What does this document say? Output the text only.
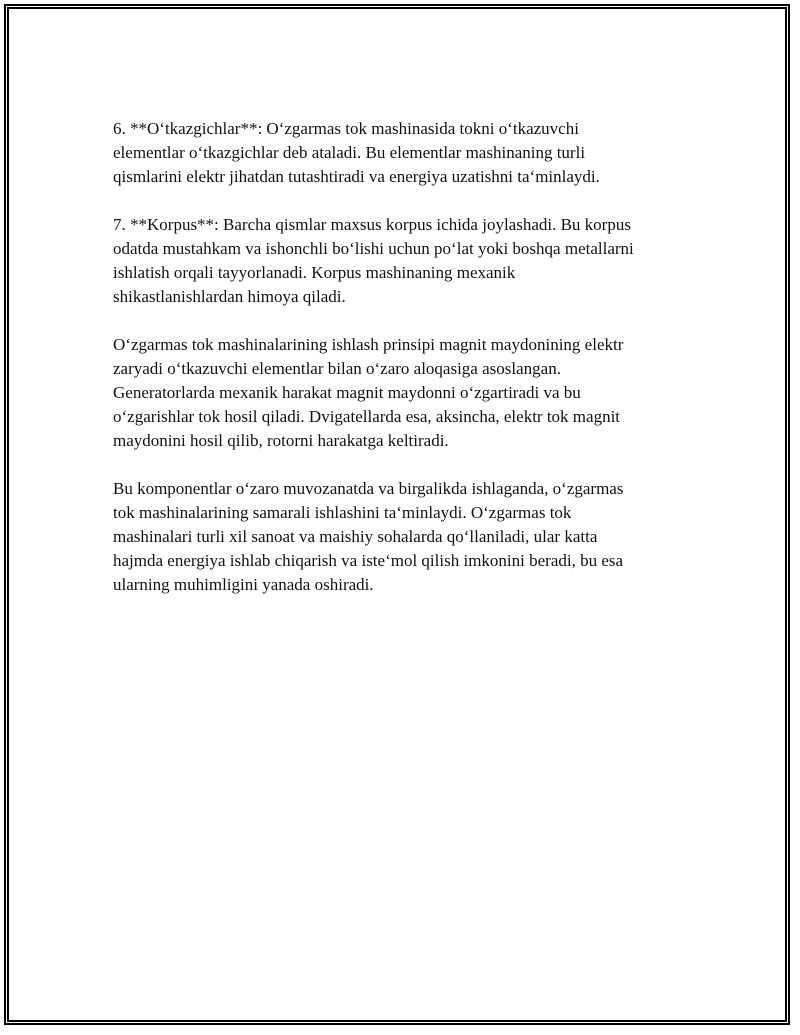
6. **O‘tkazgichlar**: O‘zgarmas tok mashinasida tokni o‘tkazuvchi
elementlar o‘tkazgichlar deb ataladi. Bu elementlar mashinaning turli
qismlarini elektr jihatdan tutashtiradi va energiya uzatishni ta‘minlaydi.

7. **Korpus**: Barcha qismlar maxsus korpus ichida joylashadi. Bu korpus
odatda mustahkam va ishonchli bo‘lishi uchun po‘lat yoki boshqa metallarni
ishlatish orqali tayyorlanadi. Korpus mashinaning mexanik
shikastlanishlardan himoya qiladi.

O‘zgarmas tok mashinalarining ishlash prinsipi magnit maydonining elektr
zaryadi o‘tkazuvchi elementlar bilan o‘zaro aloqasiga asoslangan.
Generatorlarda mexanik harakat magnit maydonni o‘zgartiradi va bu
o‘zgarishlar tok hosil qiladi. Dvigatellarda esa, aksincha, elektr tok magnit
maydonini hosil qilib, rotorni harakatga keltiradi.

Bu komponentlar o‘zaro muvozanatda va birgalikda ishlaganda, o‘zgarmas
tok mashinalarining samarali ishlashini ta‘minlaydi. O‘zgarmas tok
mashinalari turli xil sanoat va maishiy sohalarda qo‘llaniladi, ular katta
hajmda energiya ishlab chiqarish va iste‘mol qilish imkonini beradi, bu esa
ularning muhimligini yanada oshiradi.
